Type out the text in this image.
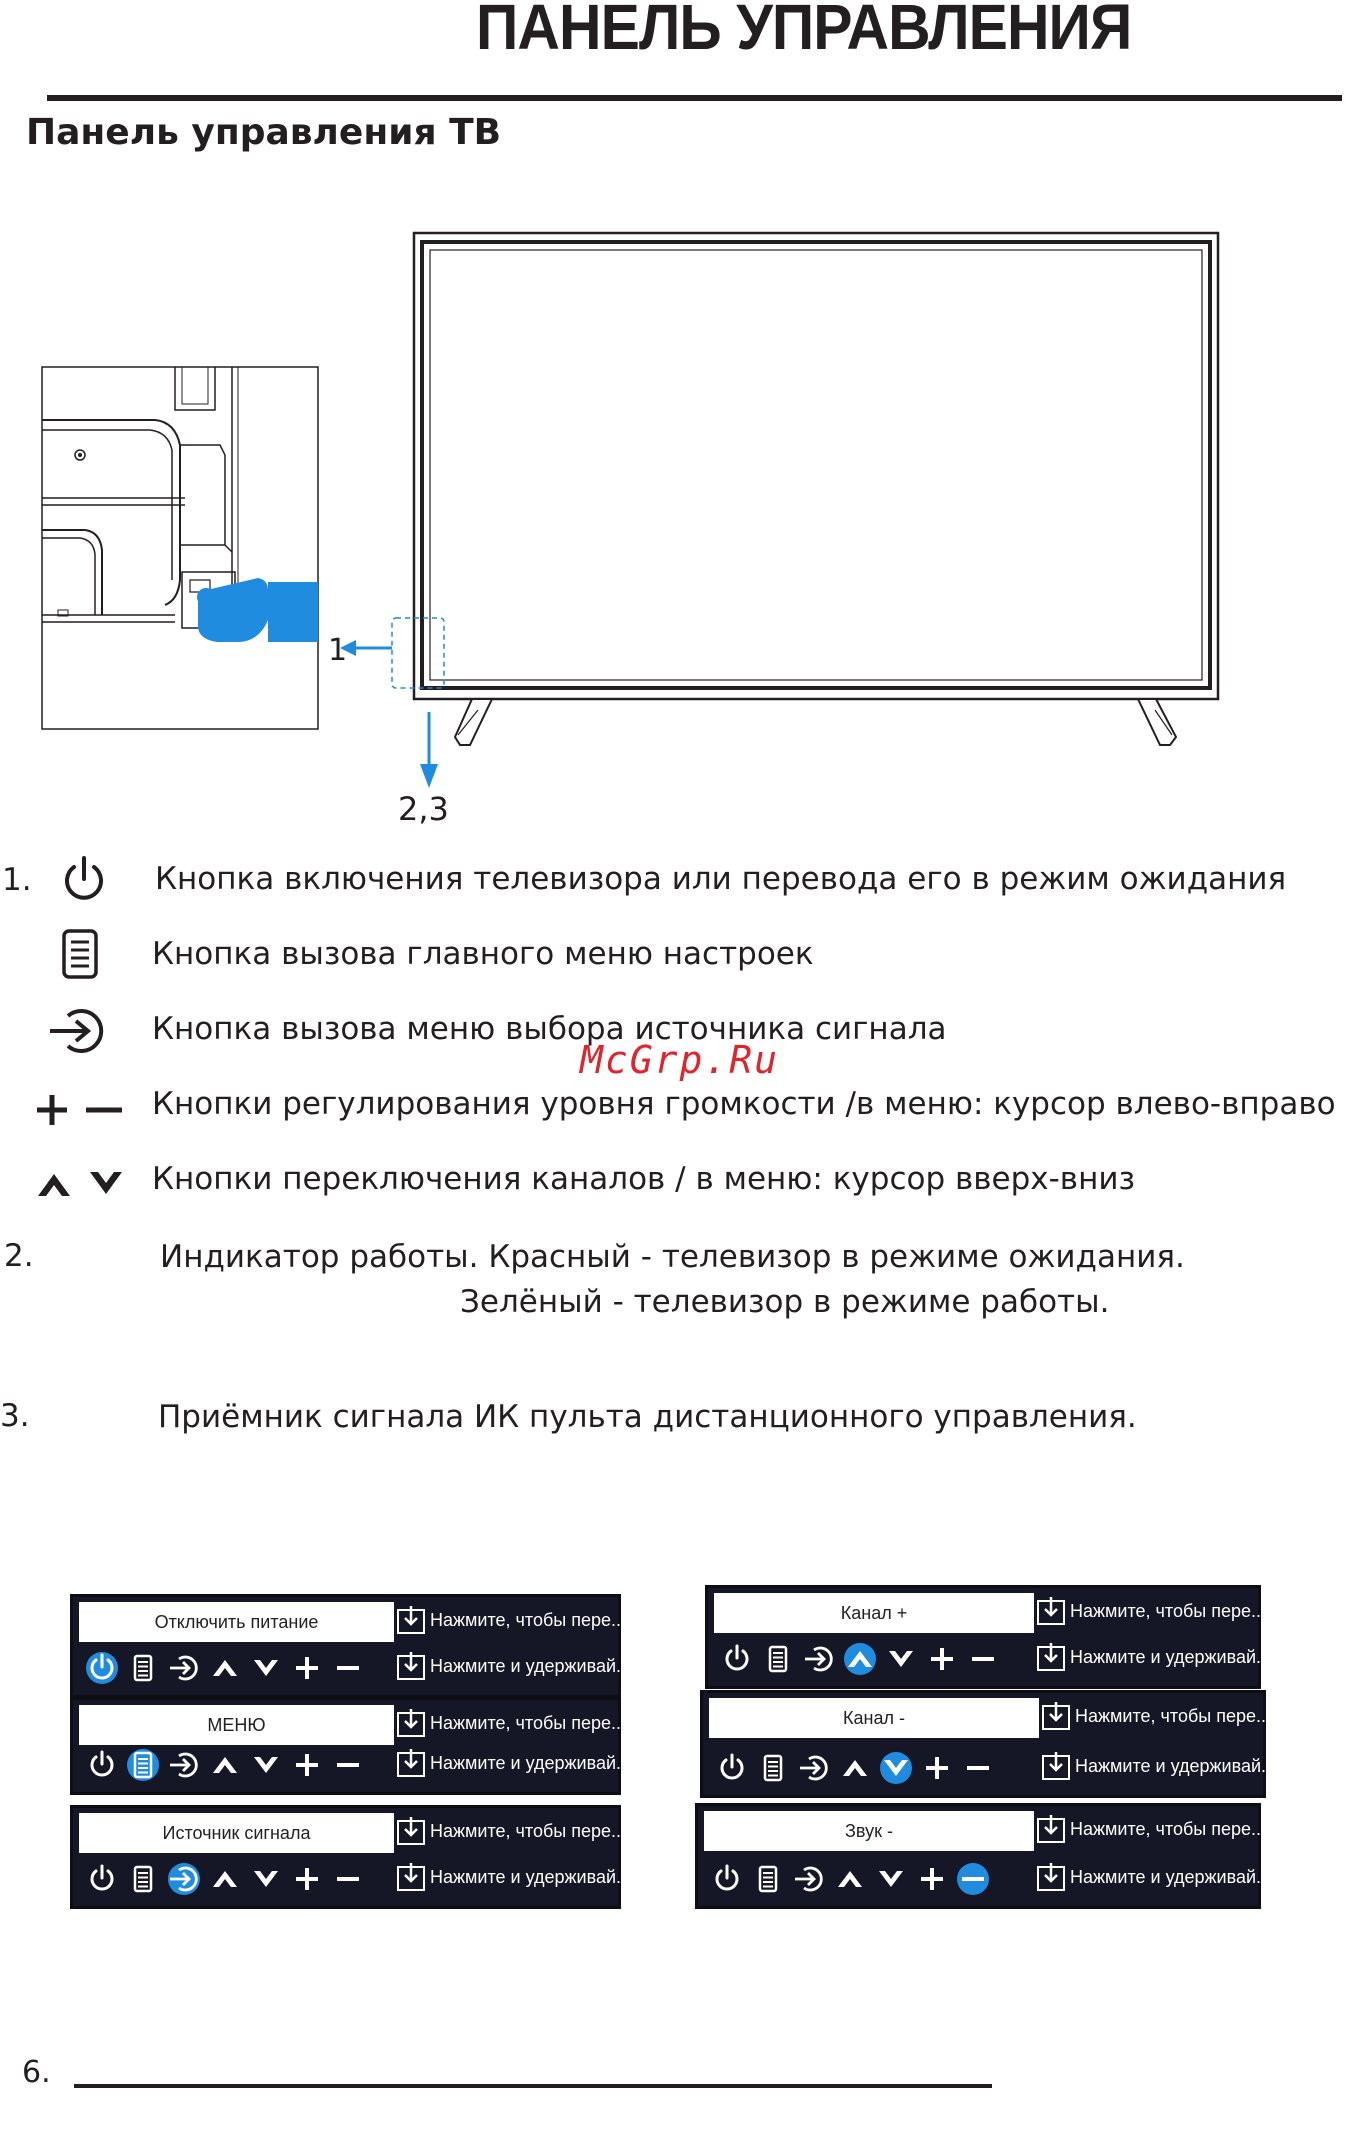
ПАНЕЛЬ УПРАВЛЕНИЯ
Панель управления ТВ
1
2,3
1.	Кнопка включения телевизора или перевода его в режим ожидания
Кнопка вызова главного меню настроек
Кнопка вызова меню выбора источника сигнала
Кнопки регулирования уровня громкости /в меню: курсор влево-вправо
Кнопки переключения каналов / в меню: курсор вверх-вниз
McGrp.Ru
2.	Индикатор работы. Красный - телевизор в режиме ожидания.
Зелёный - телевизор в режиме работы.
3.	Приёмник сигнала ИК пульта дистанционного управления.
Отключить питание	Нажмите, чтобы пере...
Нажмите и удерживай...
МЕНЮ	Нажмите, чтобы пере...
Нажмите и удерживай...
Источник сигнала	Нажмите, чтобы пере...
Нажмите и удерживай...
Канал +	Нажмите, чтобы пере...
Нажмите и удерживай...
Канал -	Нажмите, чтобы пере...
Нажмите и удерживай...
Звук -	Нажмите, чтобы пере...
Нажмите и удерживай...
6.
